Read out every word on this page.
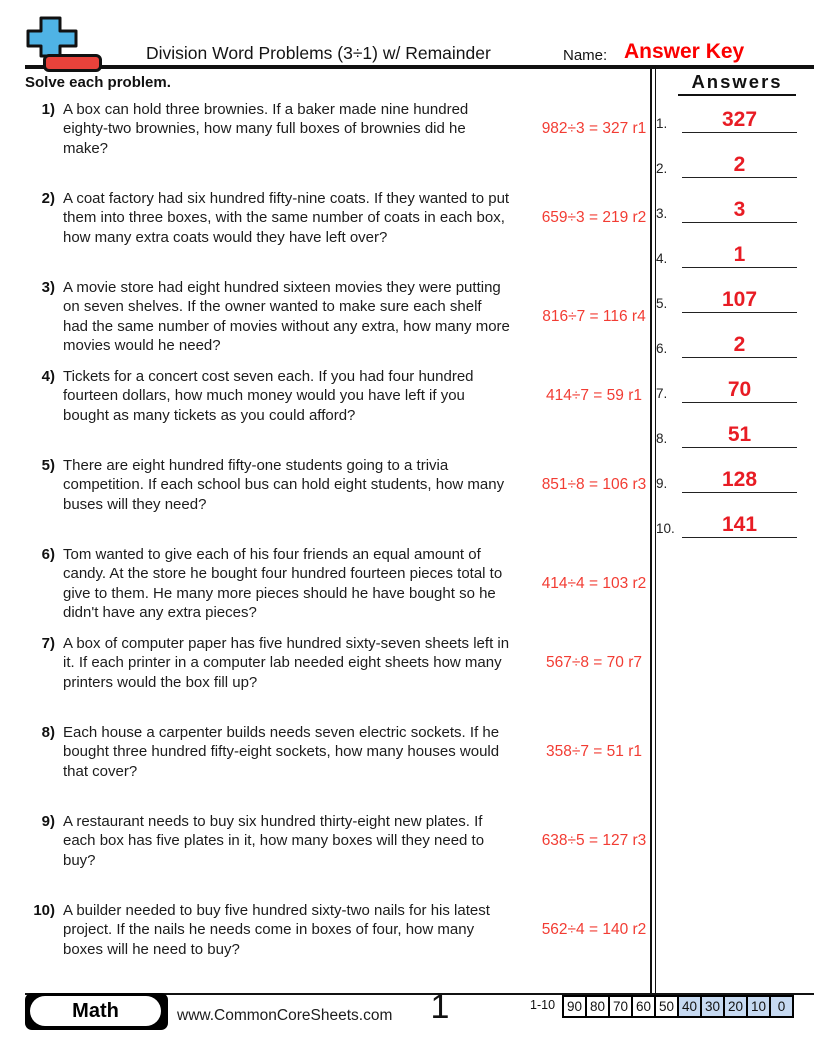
Division Word Problems (3÷1) w/ Remainder	Name: Answer Key
Solve each problem.
1) A box can hold three brownies. If a baker made nine hundred eighty-two brownies, how many full boxes of brownies did he make?
982÷3 = 327 r1
2) A coat factory had six hundred fifty-nine coats. If they wanted to put them into three boxes, with the same number of coats in each box, how many extra coats would they have left over?
659÷3 = 219 r2
3) A movie store had eight hundred sixteen movies they were putting on seven shelves. If the owner wanted to make sure each shelf had the same number of movies without any extra, how many more movies would he need?
816÷7 = 116 r4
4) Tickets for a concert cost seven each. If you had four hundred fourteen dollars, how much money would you have left if you bought as many tickets as you could afford?
414÷7 = 59 r1
5) There are eight hundred fifty-one students going to a trivia competition. If each school bus can hold eight students, how many buses will they need?
851÷8 = 106 r3
6) Tom wanted to give each of his four friends an equal amount of candy. At the store he bought four hundred fourteen pieces total to give to them. He many more pieces should he have bought so he didn't have any extra pieces?
414÷4 = 103 r2
7) A box of computer paper has five hundred sixty-seven sheets left in it. If each printer in a computer lab needed eight sheets how many printers would the box fill up?
567÷8 = 70 r7
8) Each house a carpenter builds needs seven electric sockets. If he bought three hundred fifty-eight sockets, how many houses would that cover?
358÷7 = 51 r1
9) A restaurant needs to buy six hundred thirty-eight new plates. If each box has five plates in it, how many boxes will they need to buy?
638÷5 = 127 r3
10) A builder needed to buy five hundred sixty-two nails for his latest project. If the nails he needs come in boxes of four, how many boxes will he need to buy?
562÷4 = 140 r2
Answers
1.	327
2.	2
3.	3
4.	1
5.	107
6.	2
7.	70
8.	51
9.	128
10.	141
Math	www.CommonCoreSheets.com	1	1-10 90 80 70 60 50 40 30 20 10 0
